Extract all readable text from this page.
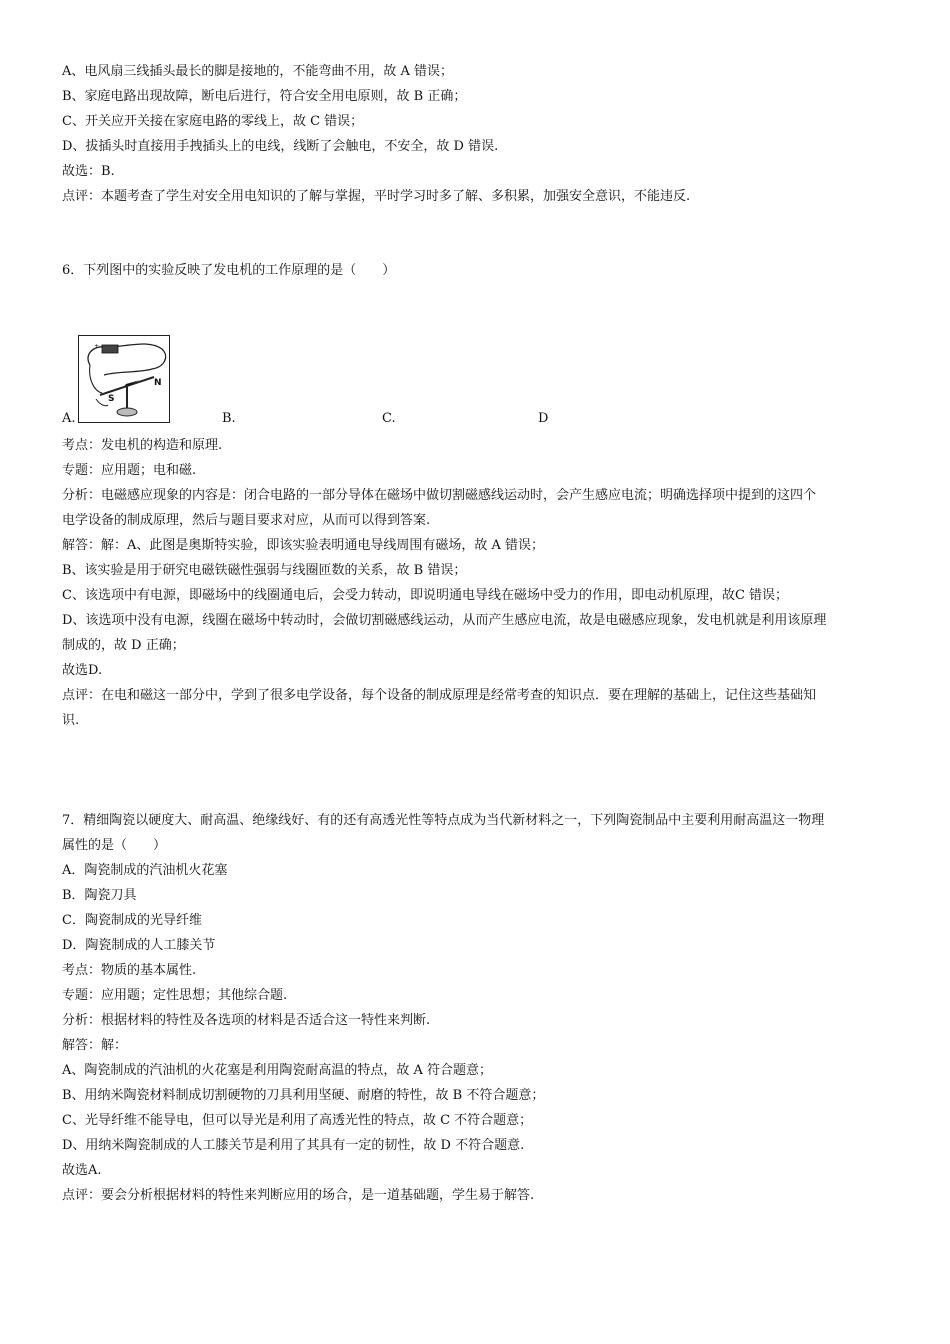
A、电风扇三线插头最长的脚是接地的，不能弯曲不用，故 A 错误；
B、家庭电路出现故障，断电后进行，符合安全用电原则，故 B 正确；
C、开关应开关接在家庭电路的零线上，故 C 错误；
D、拔插头时直接用手拽插头上的电线，线断了会触电，不安全，故 D 错误.
故选：B.
点评：本题考查了学生对安全用电知识的了解与掌握，平时学习时多了解、多积累，加强安全意识，不能违反.
6．下列图中的实验反映了发电机的工作原理的是（　　）
+
N
S
A.	B.	C.	D
考点：发电机的构造和原理.
专题：应用题；电和磁.
分析：电磁感应现象的内容是：闭合电路的一部分导体在磁场中做切割磁感线运动时，会产生感应电流；明确选择项中提到的这四个
电学设备的制成原理，然后与题目要求对应，从而可以得到答案.
解答：解：A、此图是奥斯特实验，即该实验表明通电导线周围有磁场，故 A 错误；
B、该实验是用于研究电磁铁磁性强弱与线圈匝数的关系，故 B 错误；
C、该选项中有电源，即磁场中的线圈通电后，会受力转动，即说明通电导线在磁场中受力的作用，即电动机原理，故C 错误；
D、该选项中没有电源，线圈在磁场中转动时，会做切割磁感线运动，从而产生感应电流，故是电磁感应现象，发电机就是利用该原理
制成的，故 D 正确；
故选D.
点评：在电和磁这一部分中，学到了很多电学设备，每个设备的制成原理是经常考查的知识点．要在理解的基础上，记住这些基础知
识.
7．精细陶瓷以硬度大、耐高温、绝缘线好、有的还有高透光性等特点成为当代新材料之一，下列陶瓷制品中主要利用耐高温这一物理
属性的是（　　）
A．陶瓷制成的汽油机火花塞
B．陶瓷刀具
C．陶瓷制成的光导纤维
D．陶瓷制成的人工膝关节
考点：物质的基本属性.
专题：应用题；定性思想；其他综合题.
分析：根据材料的特性及各选项的材料是否适合这一特性来判断.
解答：解：
A、陶瓷制成的汽油机的火花塞是利用陶瓷耐高温的特点，故 A 符合题意；
B、用纳米陶瓷材料制成切割硬物的刀具利用坚硬、耐磨的特性，故 B 不符合题意；
C、光导纤维不能导电，但可以导光是利用了高透光性的特点，故 C 不符合题意；
D、用纳米陶瓷制成的人工膝关节是利用了其具有一定的韧性，故 D 不符合题意.
故选A.
点评：要会分析根据材料的特性来判断应用的场合，是一道基础题，学生易于解答.
